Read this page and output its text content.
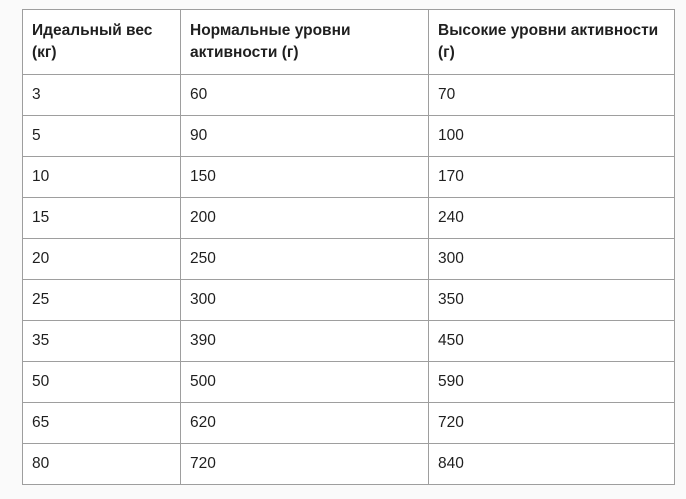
Идеальный вес (кг)	Нормальные уровни активности (г)	Высокие уровни активности (г)
3	60	70
5	90	100
10	150	170
15	200	240
20	250	300
25	300	350
35	390	450
50	500	590
65	620	720
80	720	840
